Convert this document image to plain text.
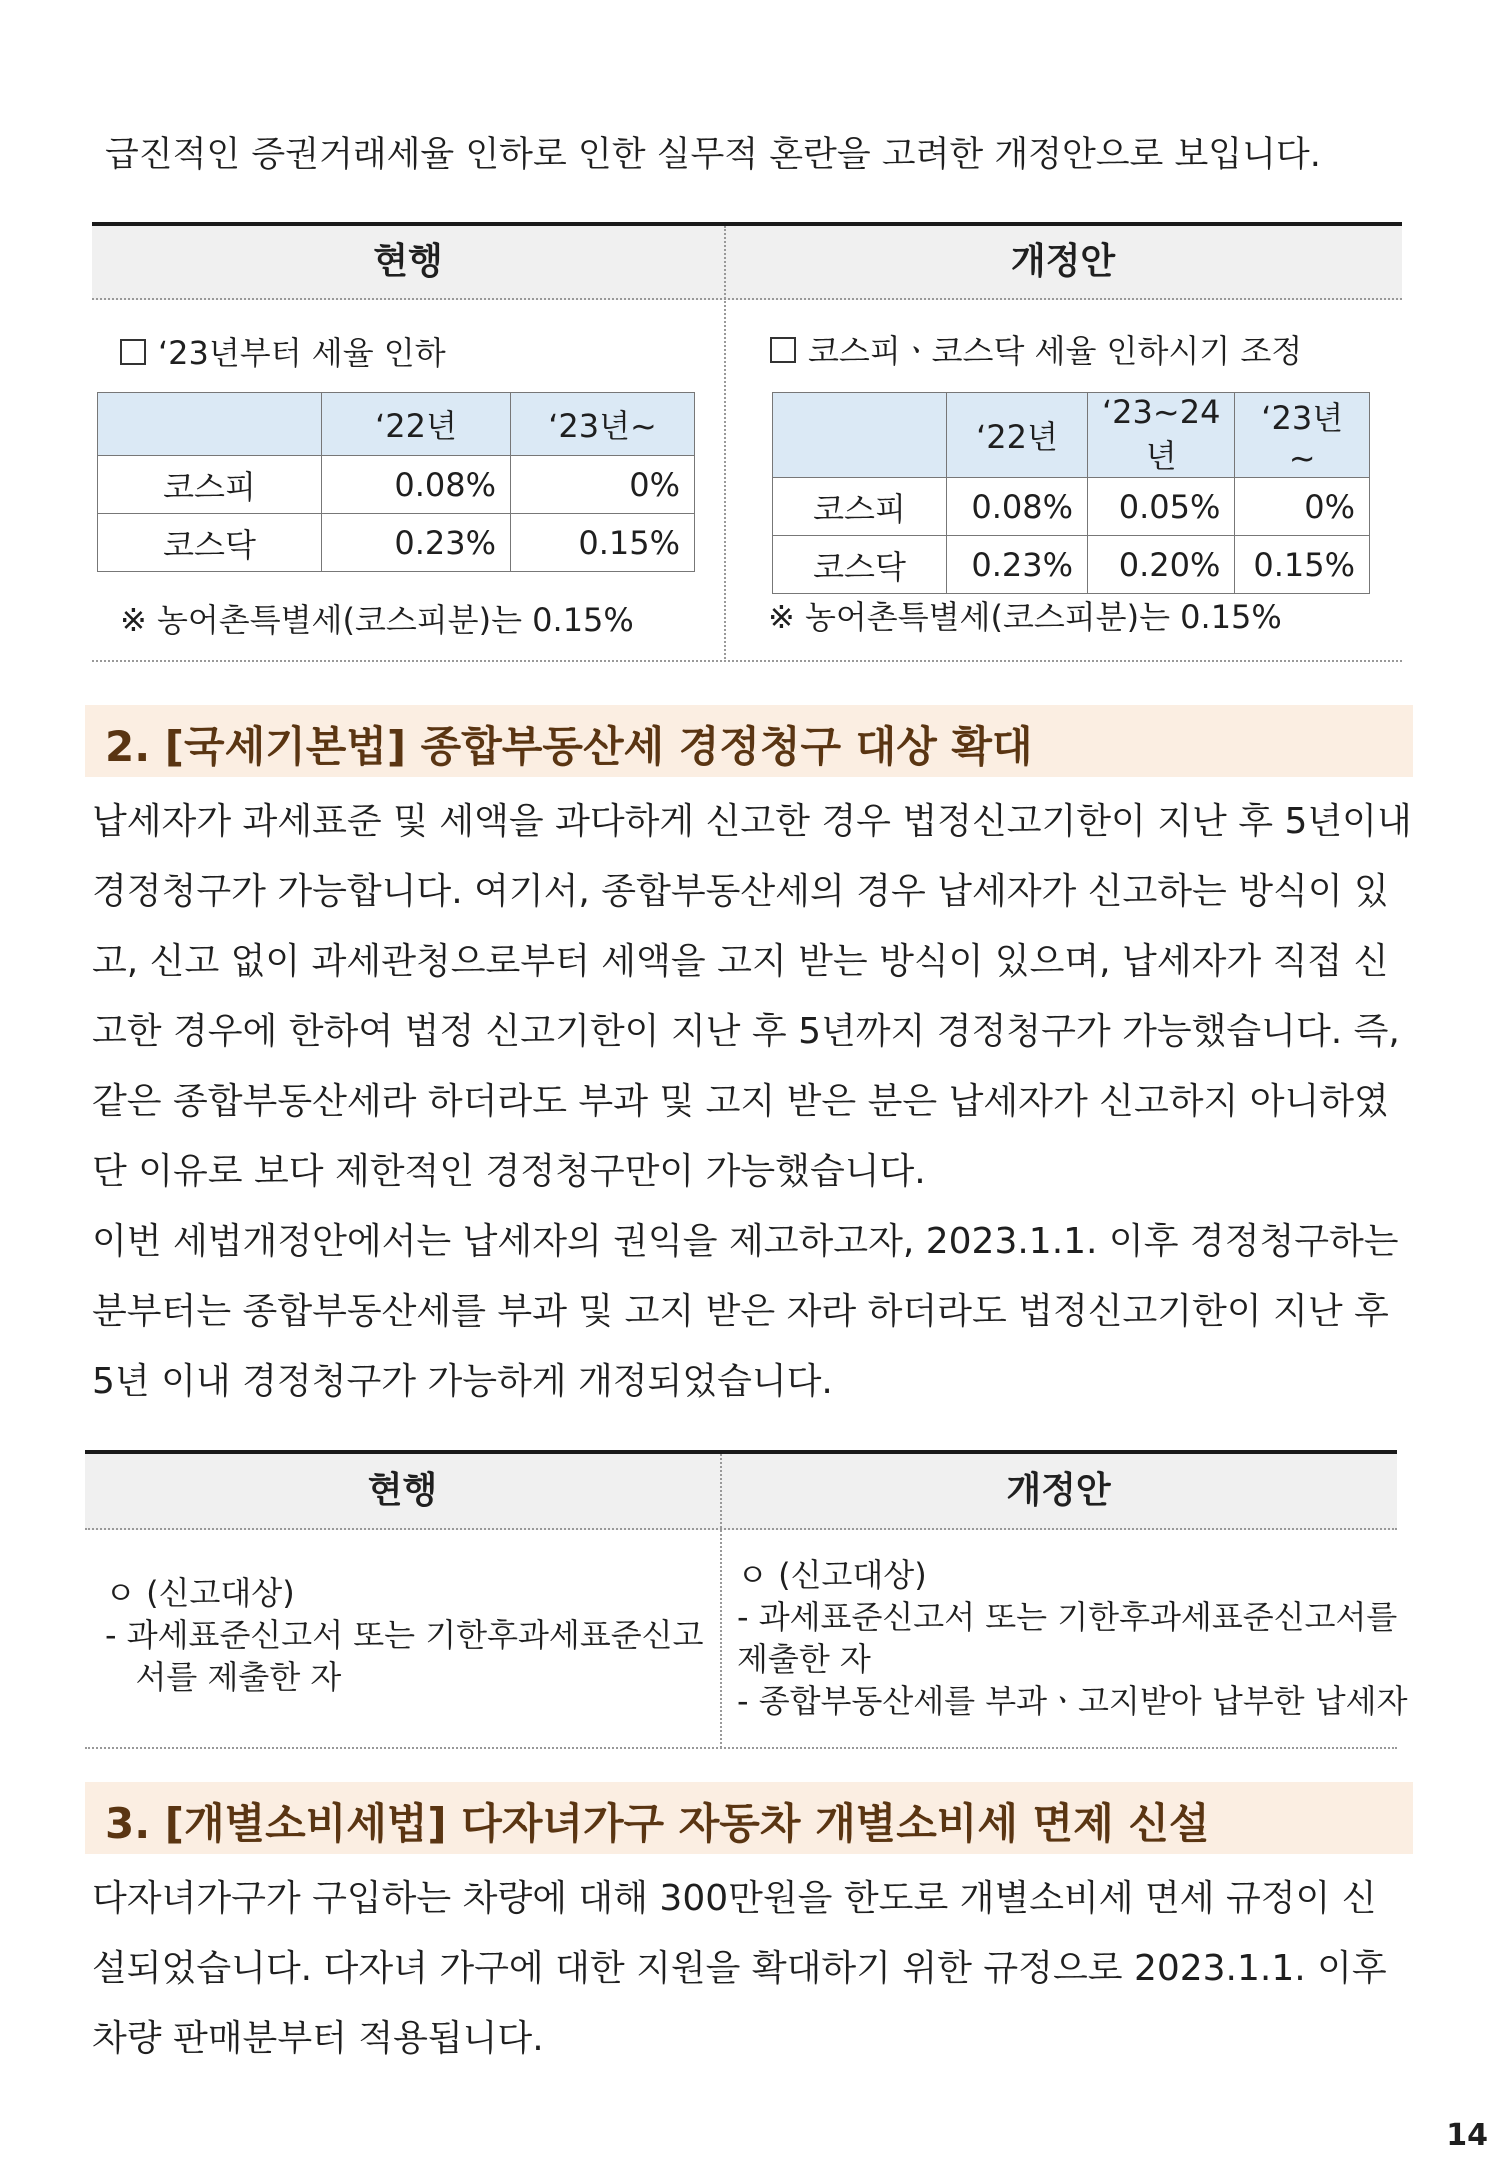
급진적인 증권거래세율 인하로 인한 실무적 혼란을 고려한 개정안으로 보입니다.
현행	개정안
‘23년부터 세율 인하
	‘22년	‘23년~
코스피	0.08%	0%
코스닥	0.23%	0.15%
※ 농어촌특별세(코스피분)는 0.15%
코스피ㆍ코스닥 세율 인하시기 조정
	‘22년	‘23~24년	‘23년~
코스피	0.08%	0.05%	0%
코스닥	0.23%	0.20%	0.15%
※ 농어촌특별세(코스피분)는 0.15%
2. [국세기본법] 종합부동산세 경정청구 대상 확대

납세자가 과세표준 및 세액을 과다하게 신고한 경우 법정신고기한이 지난 후 5년이내

경정청구가 가능합니다. 여기서, 종합부동산세의 경우 납세자가 신고하는 방식이 있

고, 신고 없이 과세관청으로부터 세액을 고지 받는 방식이 있으며, 납세자가 직접 신

고한 경우에 한하여 법정 신고기한이 지난 후 5년까지 경정청구가 가능했습니다. 즉,

같은 종합부동산세라 하더라도 부과 및 고지 받은 분은 납세자가 신고하지 아니하였

단 이유로 보다 제한적인 경정청구만이 가능했습니다.

이번 세법개정안에서는 납세자의 권익을 제고하고자, 2023.1.1. 이후 경정청구하는

분부터는 종합부동산세를 부과 및 고지 받은 자라 하더라도 법정신고기한이 지난 후

5년 이내 경정청구가 가능하게 개정되었습니다.

현행	개정안
ㅇ (신고대상)
- 과세표준신고서 또는 기한후과세표준신고
서를 제출한 자
ㅇ (신고대상)
- 과세표준신고서 또는 기한후과세표준신고서를
제출한 자
- 종합부동산세를 부과ㆍ고지받아 납부한 납세자
3. [개별소비세법] 다자녀가구 자동차 개별소비세 면제 신설

다자녀가구가 구입하는 차량에 대해 300만원을 한도로 개별소비세 면세 규정이 신

설되었습니다. 다자녀 가구에 대한 지원을 확대하기 위한 규정으로 2023.1.1. 이후

차량 판매분부터 적용됩니다.

14
